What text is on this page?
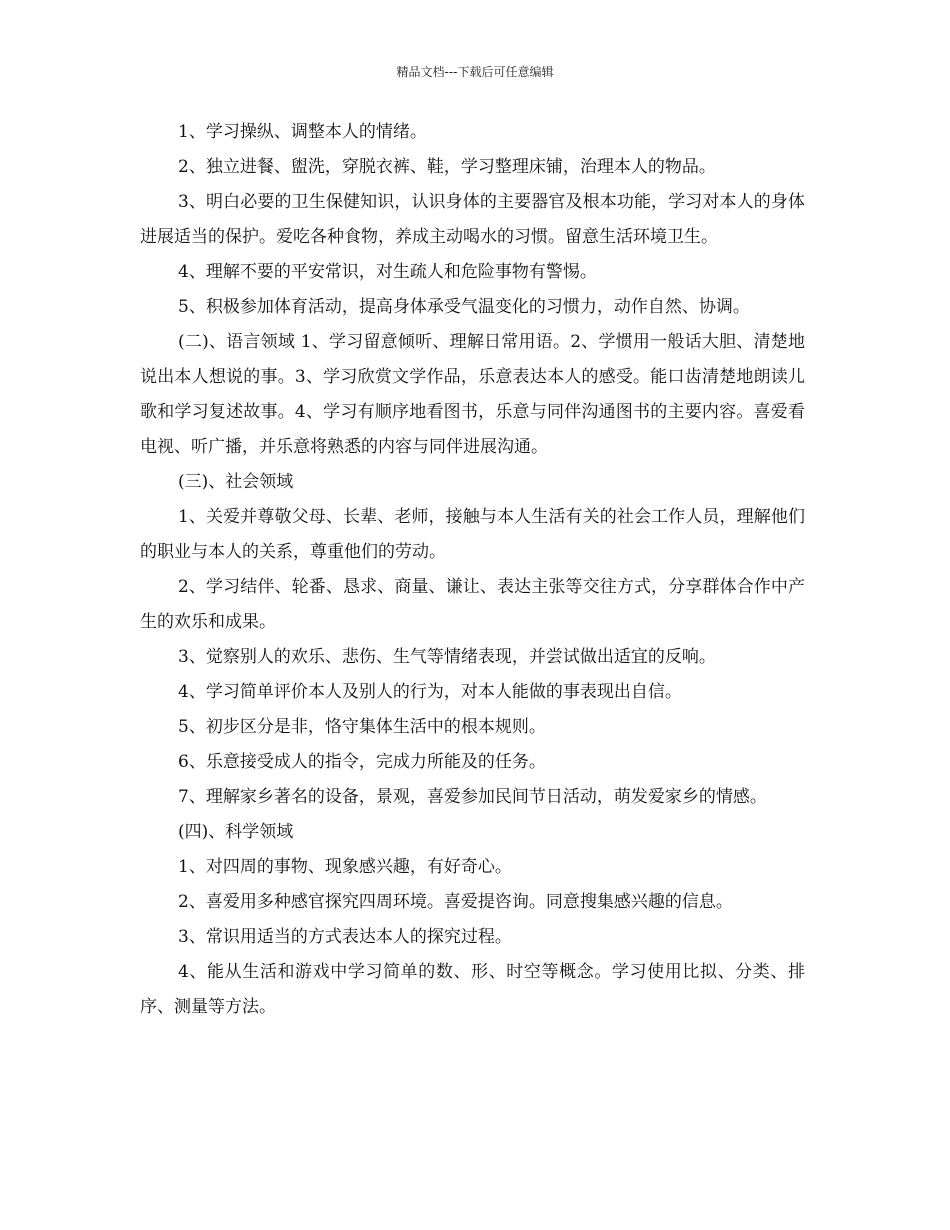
精品文档---下载后可任意编辑

1、学习操纵、调整本人的情绪。

2、独立进餐、盥洗，穿脱衣裤、鞋，学习整理床铺，治理本人的物品。

3、明白必要的卫生保健知识，认识身体的主要器官及根本功能，学习对本人的身体进展适当的保护。爱吃各种食物，养成主动喝水的习惯。留意生活环境卫生。

4、理解不要的平安常识，对生疏人和危险事物有警惕。

5、积极参加体育活动，提高身体承受气温变化的习惯力，动作自然、协调。

(二)、语言领域 1、学习留意倾听、理解日常用语。2、学惯用一般话大胆、清楚地说出本人想说的事。3、学习欣赏文学作品，乐意表达本人的感受。能口齿清楚地朗读儿歌和学习复述故事。4、学习有顺序地看图书，乐意与同伴沟通图书的主要内容。喜爱看电视、听广播，并乐意将熟悉的内容与同伴进展沟通。

(三)、社会领域

1、关爱并尊敬父母、长辈、老师，接触与本人生活有关的社会工作人员，理解他们的职业与本人的关系，尊重他们的劳动。

2、学习结伴、轮番、恳求、商量、谦让、表达主张等交往方式，分享群体合作中产生的欢乐和成果。

3、觉察别人的欢乐、悲伤、生气等情绪表现，并尝试做出适宜的反响。

4、学习简单评价本人及别人的行为，对本人能做的事表现出自信。

5、初步区分是非，恪守集体生活中的根本规则。

6、乐意接受成人的指令，完成力所能及的任务。

7、理解家乡著名的设备，景观，喜爱参加民间节日活动，萌发爱家乡的情感。

(四)、科学领域

1、对四周的事物、现象感兴趣，有好奇心。

2、喜爱用多种感官探究四周环境。喜爱提咨询。同意搜集感兴趣的信息。

3、常识用适当的方式表达本人的探究过程。

4、能从生活和游戏中学习简单的数、形、时空等概念。学习使用比拟、分类、排序、测量等方法。
